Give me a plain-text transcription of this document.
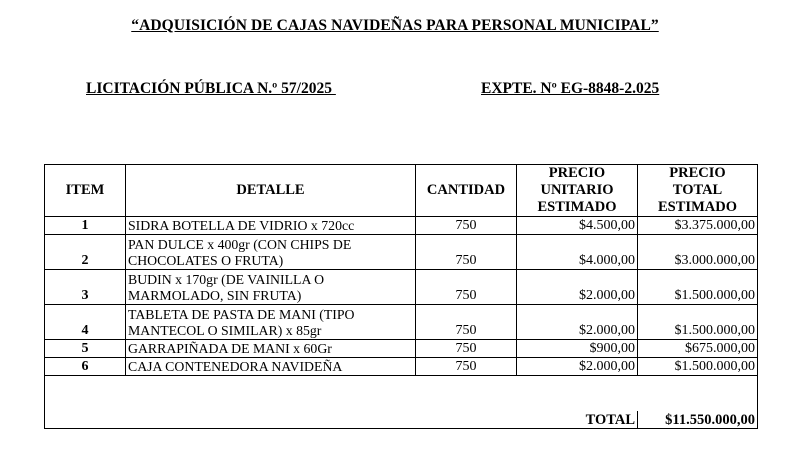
“ADQUISICIÓN DE CAJAS NAVIDEÑAS PARA PERSONAL MUNICIPAL”
LICITACIÓN PÚBLICA N.º 57/2025	EXPTE. Nº EG-8848-2.025
ITEM	DETALLE	CANTIDAD	PRECIO
UNITARIO
ESTIMADO	PRECIO
TOTAL
ESTIMADO

1	SIDRA BOTELLA DE VIDRIO x 720cc	750	$4.500,00	$3.375.000,00
2	PAN DULCE x 400gr (CON CHIPS DE
CHOCOLATES O FRUTA)	750	$4.000,00	$3.000.000,00
3	BUDIN x 170gr (DE VAINILLA O
MARMOLADO, SIN FRUTA)	750	$2.000,00	$1.500.000,00
4	TABLETA DE PASTA DE MANI (TIPO
MANTECOL O SIMILAR) x 85gr	750	$2.000,00	$1.500.000,00
5	GARRAPIÑADA DE MANI x 60Gr	750	$900,00	$675.000,00
6	CAJA CONTENEDORA NAVIDEÑA	750	$2.000,00	$1.500.000,00

TOTAL				$11.550.000,00
